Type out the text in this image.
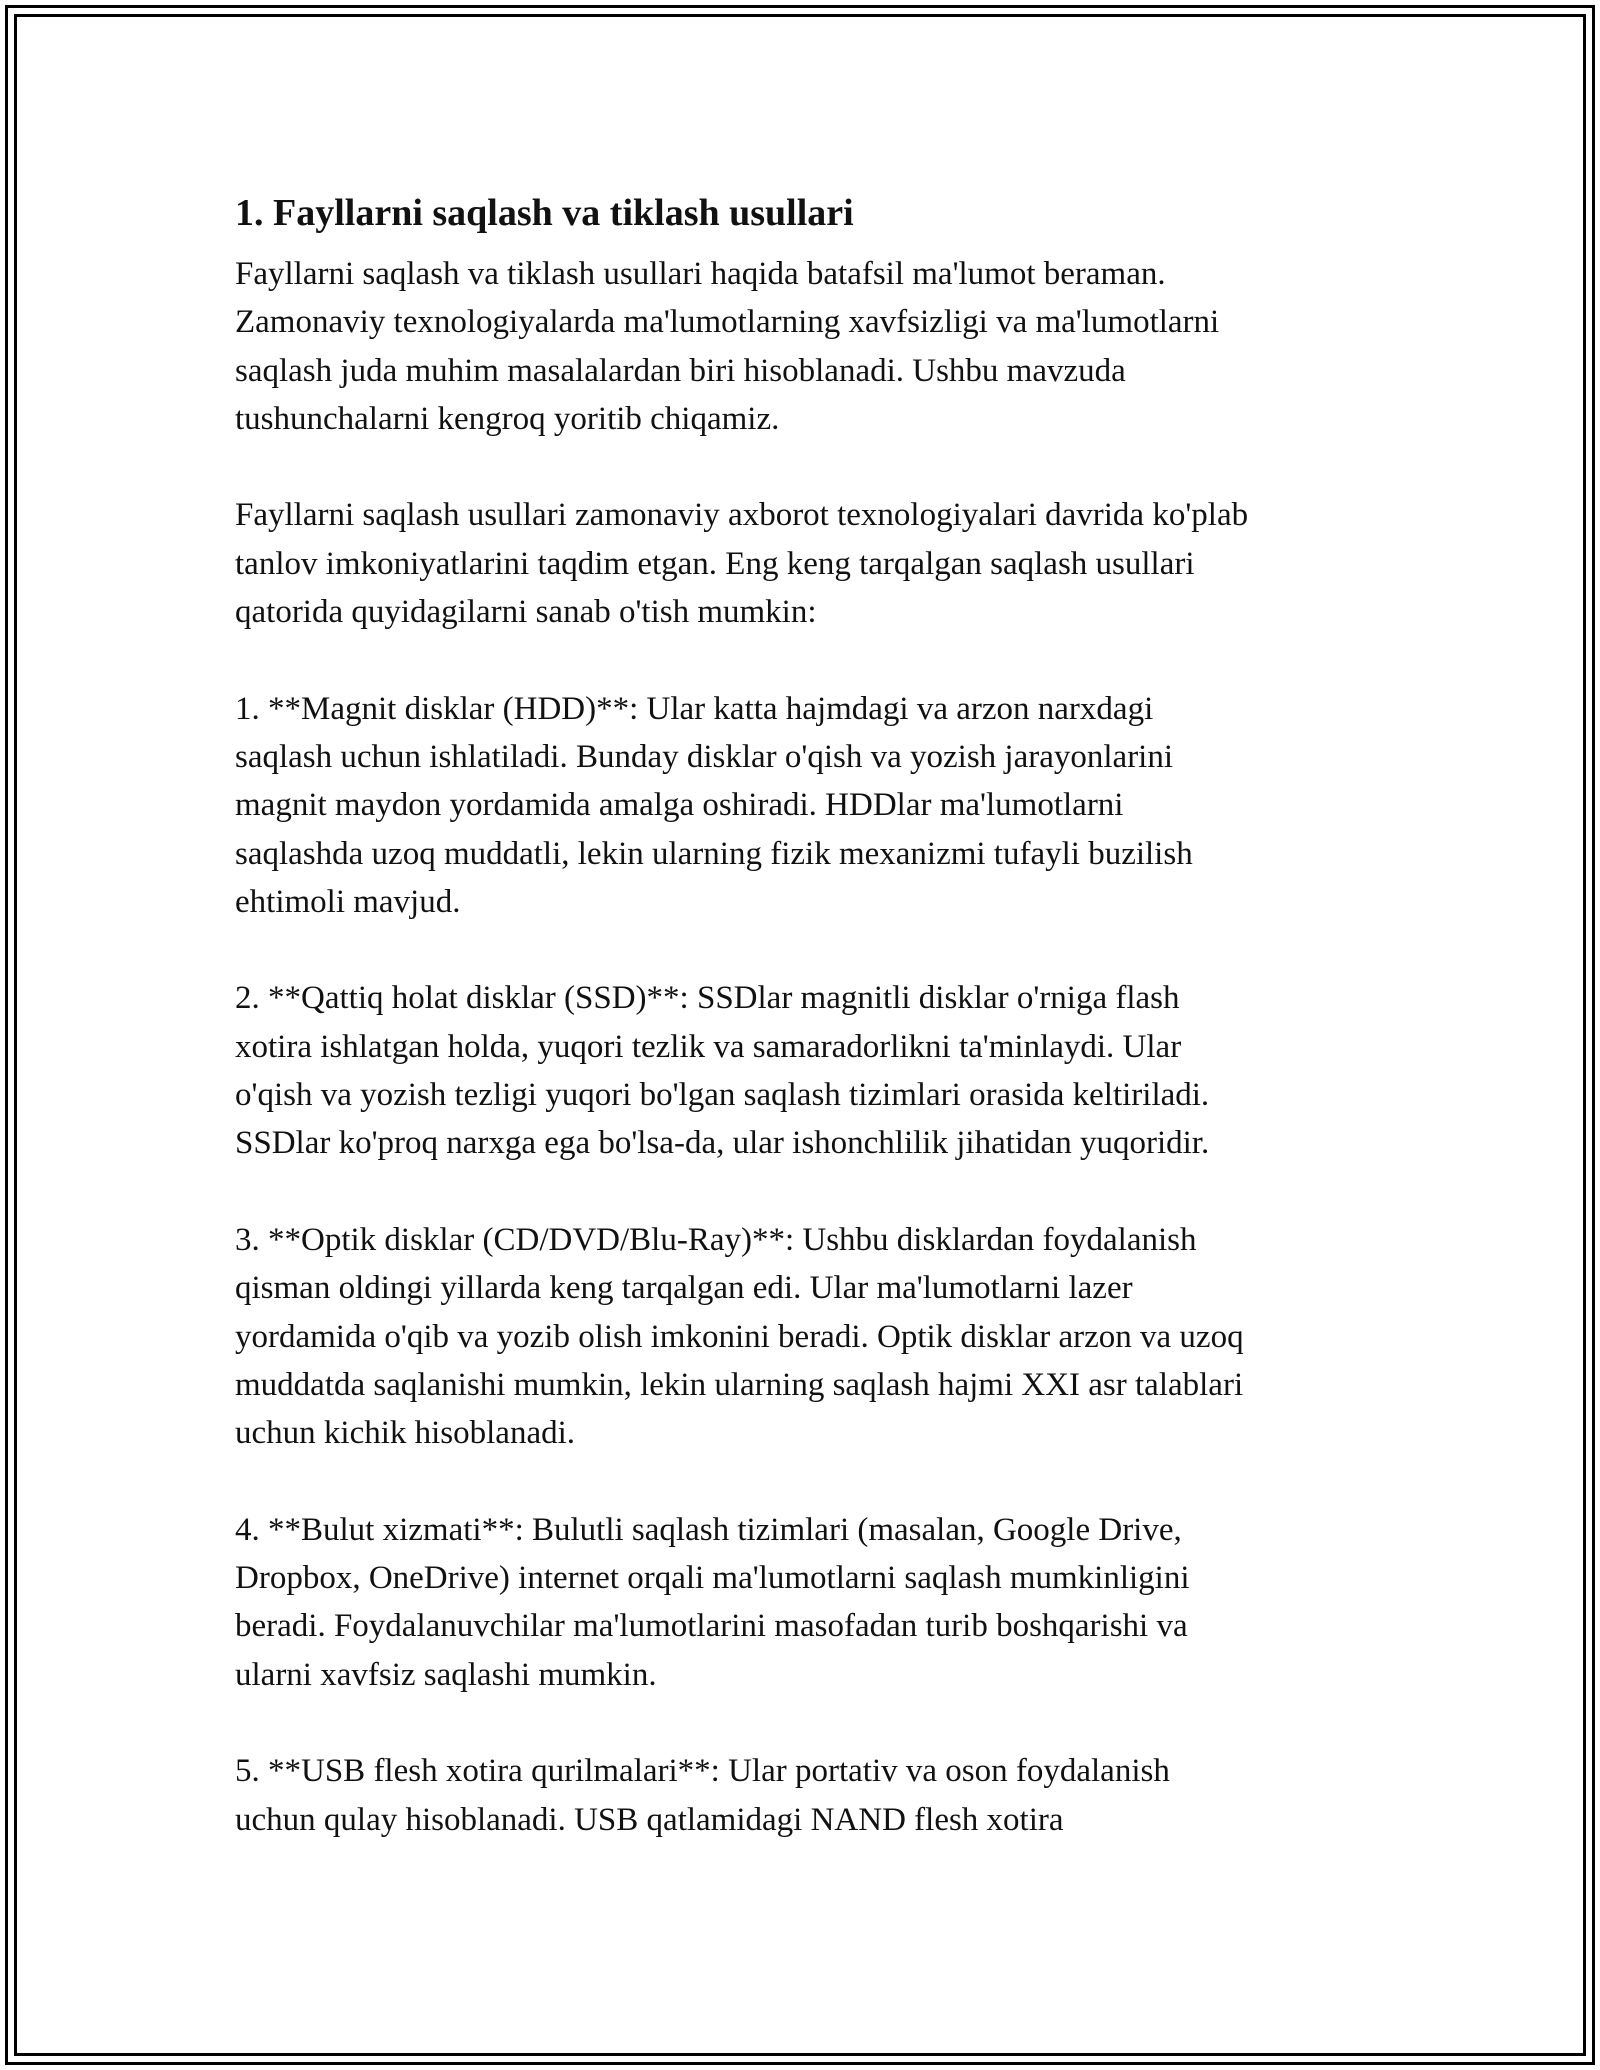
1. Fayllarni saqlash va tiklash usullari

Fayllarni saqlash va tiklash usullari haqida batafsil ma'lumot beraman.
Zamonaviy texnologiyalarda ma'lumotlarning xavfsizligi va ma'lumotlarni
saqlash juda muhim masalalardan biri hisoblanadi. Ushbu mavzuda
tushunchalarni kengroq yoritib chiqamiz.

Fayllarni saqlash usullari zamonaviy axborot texnologiyalari davrida ko'plab
tanlov imkoniyatlarini taqdim etgan. Eng keng tarqalgan saqlash usullari
qatorida quyidagilarni sanab o'tish mumkin:

1. **Magnit disklar (HDD)**: Ular katta hajmdagi va arzon narxdagi
saqlash uchun ishlatiladi. Bunday disklar o'qish va yozish jarayonlarini
magnit maydon yordamida amalga oshiradi. HDDlar ma'lumotlarni
saqlashda uzoq muddatli, lekin ularning fizik mexanizmi tufayli buzilish
ehtimoli mavjud.

2. **Qattiq holat disklar (SSD)**: SSDlar magnitli disklar o'rniga flash
xotira ishlatgan holda, yuqori tezlik va samaradorlikni ta'minlaydi. Ular
o'qish va yozish tezligi yuqori bo'lgan saqlash tizimlari orasida keltiriladi.
SSDlar ko'proq narxga ega bo'lsa-da, ular ishonchlilik jihatidan yuqoridir.

3. **Optik disklar (CD/DVD/Blu-Ray)**: Ushbu disklardan foydalanish
qisman oldingi yillarda keng tarqalgan edi. Ular ma'lumotlarni lazer
yordamida o'qib va yozib olish imkonini beradi. Optik disklar arzon va uzoq
muddatda saqlanishi mumkin, lekin ularning saqlash hajmi XXI asr talablari
uchun kichik hisoblanadi.

4. **Bulut xizmati**: Bulutli saqlash tizimlari (masalan, Google Drive,
Dropbox, OneDrive) internet orqali ma'lumotlarni saqlash mumkinligini
beradi. Foydalanuvchilar ma'lumotlarini masofadan turib boshqarishi va
ularni xavfsiz saqlashi mumkin.

5. **USB flesh xotira qurilmalari**: Ular portativ va oson foydalanish
uchun qulay hisoblanadi. USB qatlamidagi NAND flesh xotira
